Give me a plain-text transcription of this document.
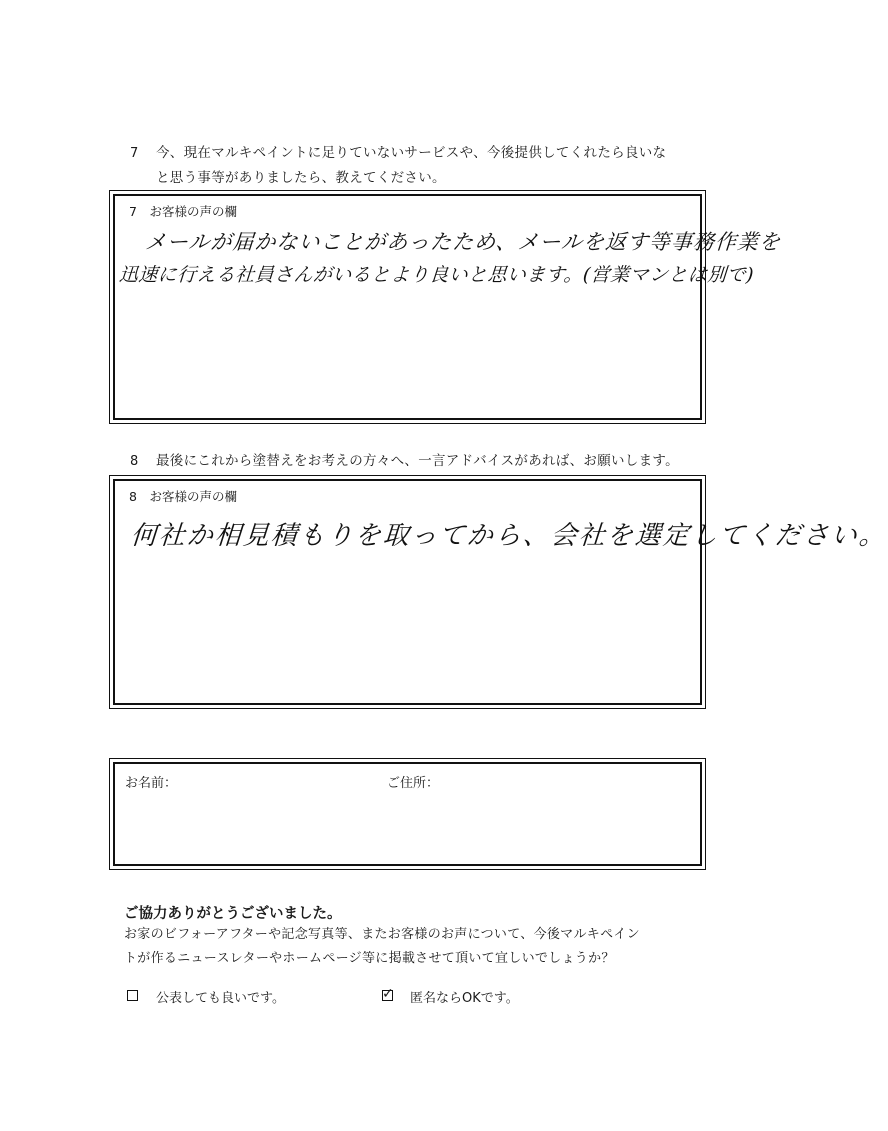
7 今、現在マルキペイントに足りていないサービスや、今後提供してくれたら良いな
と思う事等がありましたら、教えてください。
7　お客様の声の欄
メールが届かないことがあったため、メールを返す等事務作業を
迅速に行える社員さんがいるとより良いと思います。(営業マンとは別で)
8 最後にこれから塗替えをお考えの方々へ、一言アドバイスがあれば、お願いします。
8　お客様の声の欄
何社か相見積もりを取ってから、会社を選定してください。
お名前：	ご住所：
ご協力ありがとうございました。
お家のビフォーアフターや記念写真等、またお客様のお声について、今後マルキペイン
トが作るニュースレターやホームページ等に掲載させて頂いて宜しいでしょうか？
公表しても良いです。	✓ 匿名ならOKです。
